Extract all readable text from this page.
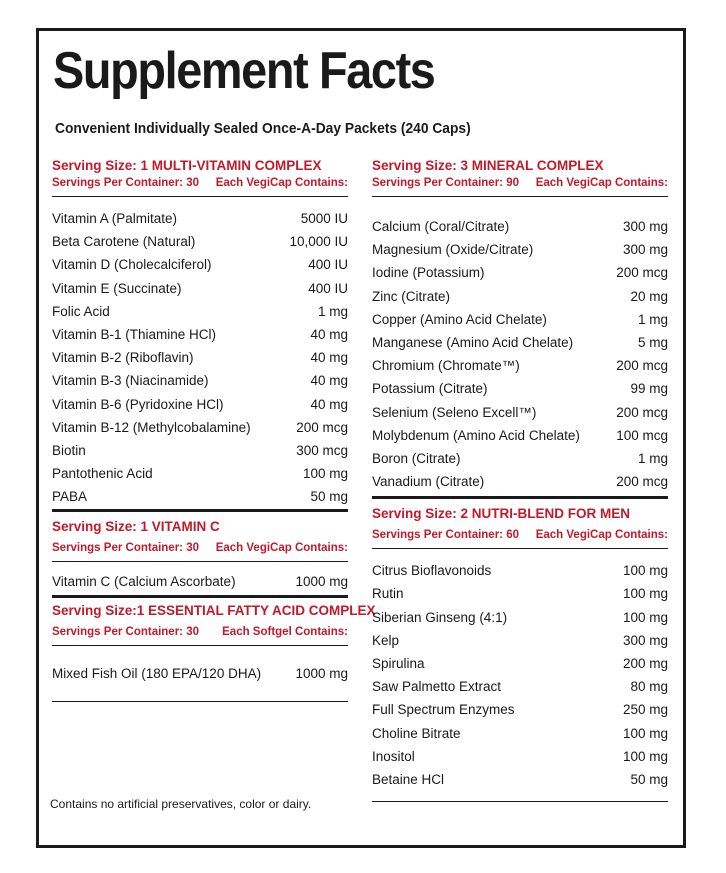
Supplement Facts
Convenient Individually Sealed Once-A-Day Packets (240 Caps)
Serving Size: 1 MULTI-VITAMIN COMPLEX
Servings Per Container: 30 Each VegiCap Contains:
Vitamin A (Palmitate)	5000 IU
Beta Carotene (Natural)	10,000 IU
Vitamin D (Cholecalciferol)	400 IU
Vitamin E (Succinate)	400 IU
Folic Acid	1 mg
Vitamin B-1 (Thiamine HCl)	40 mg
Vitamin B-2 (Riboflavin)	40 mg
Vitamin B-3 (Niacinamide)	40 mg
Vitamin B-6 (Pyridoxine HCl)	40 mg
Vitamin B-12 (Methylcobalamine)	200 mcg
Biotin	300 mcg
Pantothenic Acid	100 mg
PABA	50 mg
Serving Size: 1 VITAMIN C
Servings Per Container: 30 Each VegiCap Contains:
Vitamin C (Calcium Ascorbate)	1000 mg
Serving Size:1 ESSENTIAL FATTY ACID COMPLEX
Servings Per Container: 30 Each Softgel Contains:
Mixed Fish Oil (180 EPA/120 DHA)	1000 mg
Serving Size: 3 MINERAL COMPLEX
Servings Per Container: 90 Each VegiCap Contains:
Calcium (Coral/Citrate)	300 mg
Magnesium (Oxide/Citrate)	300 mg
Iodine (Potassium)	200 mcg
Zinc (Citrate)	20 mg
Copper (Amino Acid Chelate)	1 mg
Manganese (Amino Acid Chelate)	5 mg
Chromium (Chromate™)	200 mcg
Potassium (Citrate)	99 mg
Selenium (Seleno Excell™)	200 mcg
Molybdenum (Amino Acid Chelate)	100 mcg
Boron (Citrate)	1 mg
Vanadium (Citrate)	200 mcg
Serving Size: 2 NUTRI-BLEND FOR MEN
Servings Per Container: 60 Each VegiCap Contains:
Citrus Bioflavonoids	100 mg
Rutin	100 mg
Siberian Ginseng (4:1)	100 mg
Kelp	300 mg
Spirulina	200 mg
Saw Palmetto Extract	80 mg
Full Spectrum Enzymes	250 mg
Choline Bitrate	100 mg
Inositol	100 mg
Betaine HCl	50 mg
Contains no artificial preservatives, color or dairy.
